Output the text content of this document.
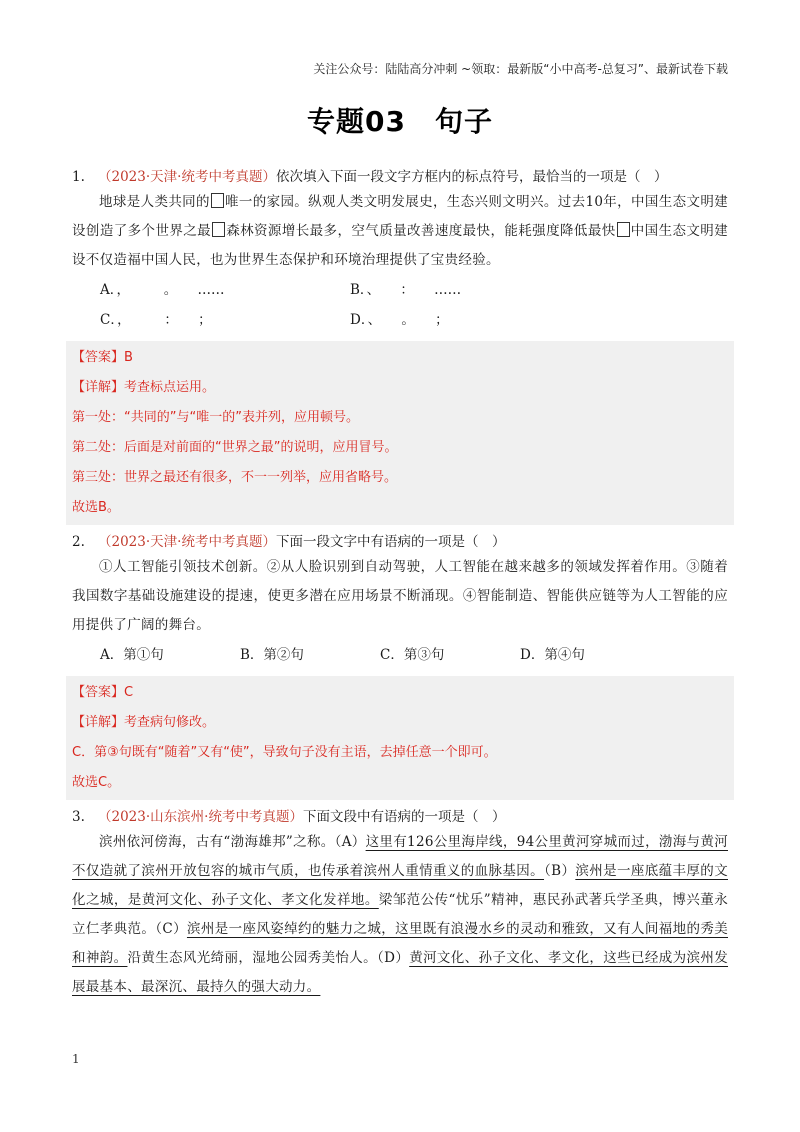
关注公众号：陆陆高分冲刺 ~领取：最新版“小中高考-总复习”、最新试卷下载
专题03　句子
1. （2023·天津·统考中考真题）依次填入下面一段文字方框内的标点符号，最恰当的一项是（　）
地球是人类共同的 唯一的家园。纵观人类文明发展史，生态兴则文明兴。过去10年，中国生态文明建设创造了多个世界之最 森林资源增长最多，空气质量改善速度最快，能耗强度降低最快 中国生态文明建设不仅造福中国人民，也为世界生态保护和环境治理提供了宝贵经验。
A．，　　　。　　……	B．、　　：　　……
C．，　　　：　　；	D．、　　。　　；
【答案】B
【详解】考查标点运用。
第一处：“共同的”与“唯一的”表并列，应用顿号。
第二处：后面是对前面的“世界之最”的说明，应用冒号。
第三处：世界之最还有很多，不一一列举，应用省略号。
故选B。
2. （2023·天津·统考中考真题）下面一段文字中有语病的一项是（　）
①人工智能引领技术创新。②从人脸识别到自动驾驶，人工智能在越来越多的领域发挥着作用。③随着我国数字基础设施建设的提速，使更多潜在应用场景不断涌现。④智能制造、智能供应链等为人工智能的应用提供了广阔的舞台。
A．第①句	B．第②句	C．第③句	D．第④句
【答案】C
【详解】考查病句修改。
C．第③句既有“随着”又有“使”，导致句子没有主语，去掉任意一个即可。
故选C。
3. （2023·山东滨州·统考中考真题）下面文段中有语病的一项是（　）
滨州依河傍海，古有“渤海雄邦”之称。（A）这里有126公里海岸线，94公里黄河穿城而过，渤海与黄河不仅造就了滨州开放包容的城市气质，也传承着滨州人重情重义的血脉基因。（B）滨州是一座底蕴丰厚的文化之城，是黄河文化、孙子文化、孝文化发祥地。梁邹范公传“忧乐”精神，惠民孙武著兵学圣典，博兴董永立仁孝典范。（C）滨州是一座风姿绰约的魅力之城，这里既有浪漫水乡的灵动和雅致，又有人间福地的秀美和神韵。沿黄生态风光绮丽，湿地公园秀美怡人。（D）黄河文化、孙子文化、孝文化，这些已经成为滨州发展最基本、最深沉、最持久的强大动力。
1
